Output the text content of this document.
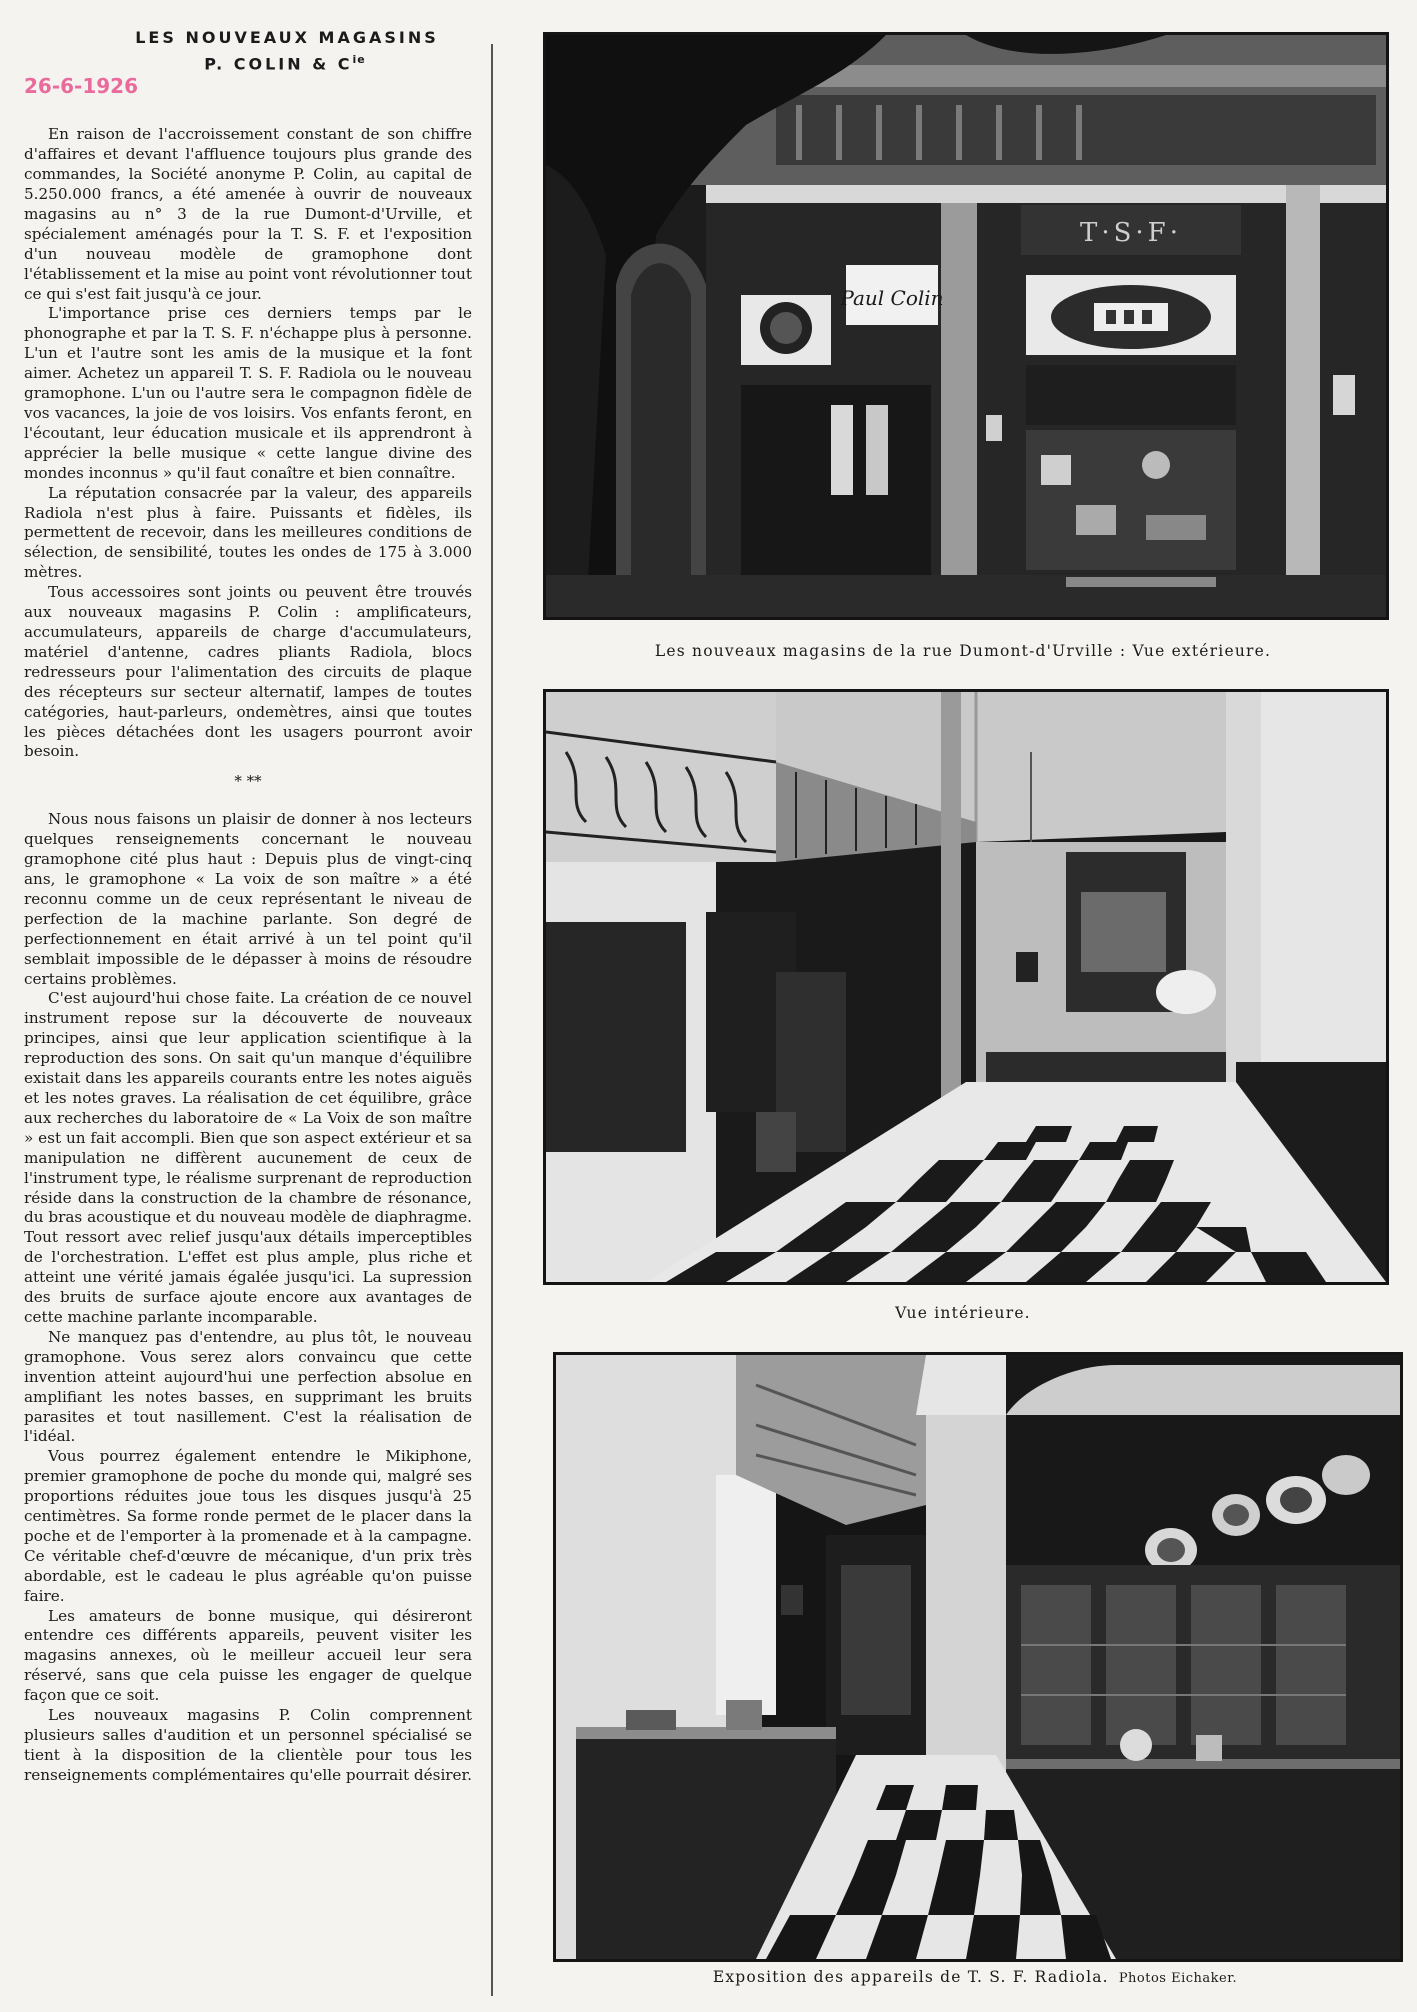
26-6-1926
LES NOUVEAUX MAGASINS
P. COLIN & $C^{ie}$

En raison de l'accroissement constant de son chiffre d'affaires et devant l'affluence toujours plus grande des commandes, la Société anonyme P. Colin, au capital de 5.250.000 francs, a été amenée à ouvrir de nouveaux magasins au n° 3 de la rue Dumont-d'Urville, et spécialement aménagés pour la T. S. F. et l'exposition d'un nouveau modèle de gramophone dont l'établissement et la mise au point vont révolutionner tout ce qui s'est fait jusqu'à ce jour.

L'importance prise ces derniers temps par le phonographe et par la T. S. F. n'échappe plus à personne. L'un et l'autre sont les amis de la musique et la font aimer. Achetez un appareil T. S. F. Radiola ou le nouveau gramophone. L'un ou l'autre sera le compagnon fidèle de vos vacances, la joie de vos loisirs. Vos enfants feront, en l'écoutant, leur éducation musicale et ils apprendront à apprécier la belle musique « cette langue divine des mondes inconnus » qu'il faut conaître et bien connaître.

La réputation consacrée par la valeur, des appareils Radiola n'est plus à faire. Puissants et fidèles, ils permettent de recevoir, dans les meilleures conditions de sélection, de sensibilité, toutes les ondes de 175 à 3.000 mètres.

Tous accessoires sont joints ou peuvent être trouvés aux nouveaux magasins P. Colin : amplificateurs, accumulateurs, appareils de charge d'accumulateurs, matériel d'antenne, cadres pliants Radiola, blocs redresseurs pour l'alimentation des circuits de plaque des récepteurs sur secteur alternatif, lampes de toutes catégories, haut-parleurs, ondemètres, ainsi que toutes les pièces détachées dont les usagers pourront avoir besoin.

* **

Nous nous faisons un plaisir de donner à nos lecteurs quelques renseignements concernant le nouveau gramophone cité plus haut : Depuis plus de vingt-cinq ans, le gramophone « La voix de son maître » a été reconnu comme un de ceux représentant le niveau de perfection de la machine parlante. Son degré de perfectionnement en était arrivé à un tel point qu'il semblait impossible de le dépasser à moins de résoudre certains problèmes.

C'est aujourd'hui chose faite. La création de ce nouvel instrument repose sur la découverte de nouveaux principes, ainsi que leur application scientifique à la reproduction des sons. On sait qu'un manque d'équilibre existait dans les appareils courants entre les notes aiguës et les notes graves. La réalisation de cet équilibre, grâce aux recherches du laboratoire de « La Voix de son maître » est un fait accompli. Bien que son aspect extérieur et sa manipulation ne diffèrent aucunement de ceux de l'instrument type, le réalisme surprenant de reproduction réside dans la construction de la chambre de résonance, du bras acoustique et du nouveau modèle de diaphragme. Tout ressort avec relief jusqu'aux détails imperceptibles de l'orchestration. L'effet est plus ample, plus riche et atteint une vérité jamais égalée jusqu'ici. La supression des bruits de surface ajoute encore aux avantages de cette machine parlante incomparable.

Ne manquez pas d'entendre, au plus tôt, le nouveau gramophone. Vous serez alors convaincu que cette invention atteint aujourd'hui une perfection absolue en amplifiant les notes basses, en supprimant les bruits parasites et tout nasillement. C'est la réalisation de l'idéal.

Vous pourrez également entendre le Mikiphone, premier gramophone de poche du monde qui, malgré ses proportions réduites joue tous les disques jusqu'à 25 centimètres. Sa forme ronde permet de le placer dans la poche et de l'emporter à la promenade et à la campagne. Ce véritable chef-d'œuvre de mécanique, d'un prix très abordable, est le cadeau le plus agréable qu'on puisse faire.

Les amateurs de bonne musique, qui désireront entendre ces différents appareils, peuvent visiter les magasins annexes, où le meilleur accueil leur sera réservé, sans que cela puisse les engager de quelque façon que ce soit.

Les nouveaux magasins P. Colin comprennent plusieurs salles d'audition et un personnel spécialisé se tient à la disposition de la clientèle pour tous les renseignements complémentaires qu'elle pourrait désirer.

T·S·F·
Paul Colin
Les nouveaux magasins de la rue Dumont-d'Urville : Vue extérieure.
Vue intérieure.
Exposition des appareils de T. S. F. Radiola. Photos Eichaker.
